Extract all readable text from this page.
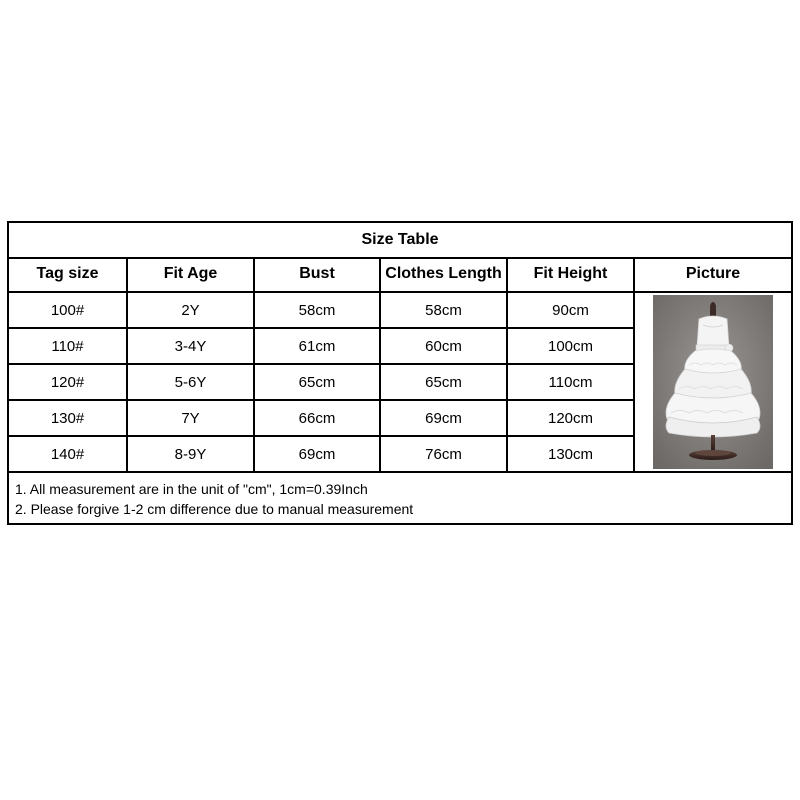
Size Table
Tag size	Fit Age	Bust	Clothes Length	Fit Height	Picture
100#	2Y	58cm	58cm	90cm	

110#	3-4Y	61cm	60cm	100cm	
120#	5-6Y	65cm	65cm	110cm	
130#	7Y	66cm	69cm	120cm	
140#	8-9Y	69cm	76cm	130cm	
1. All measurement are in the unit of "cm", 1cm=0.39Inch
2. Please forgive 1-2 cm difference due to manual measurement
